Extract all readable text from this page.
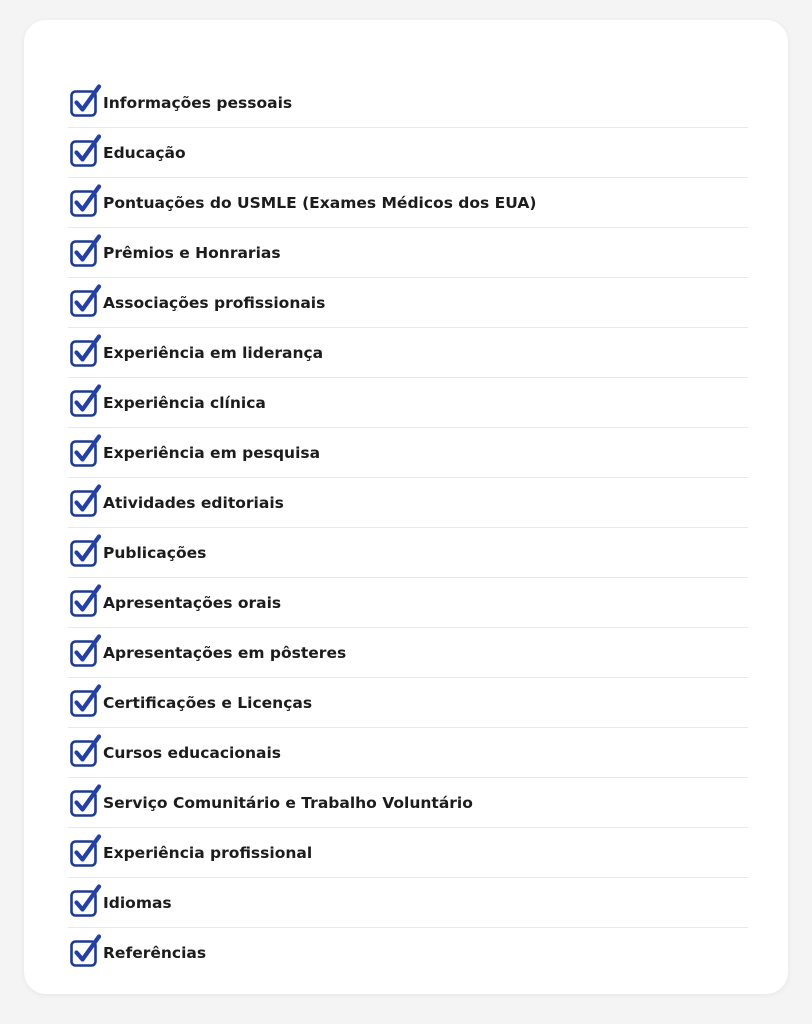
Informações pessoais
Educação
Pontuações do USMLE (Exames Médicos dos EUA)
Prêmios e Honrarias
Associações profissionais
Experiência em liderança
Experiência clínica
Experiência em pesquisa
Atividades editoriais
Publicações
Apresentações orais
Apresentações em pôsteres
Certificações e Licenças
Cursos educacionais
Serviço Comunitário e Trabalho Voluntário
Experiência profissional
Idiomas
Referências
